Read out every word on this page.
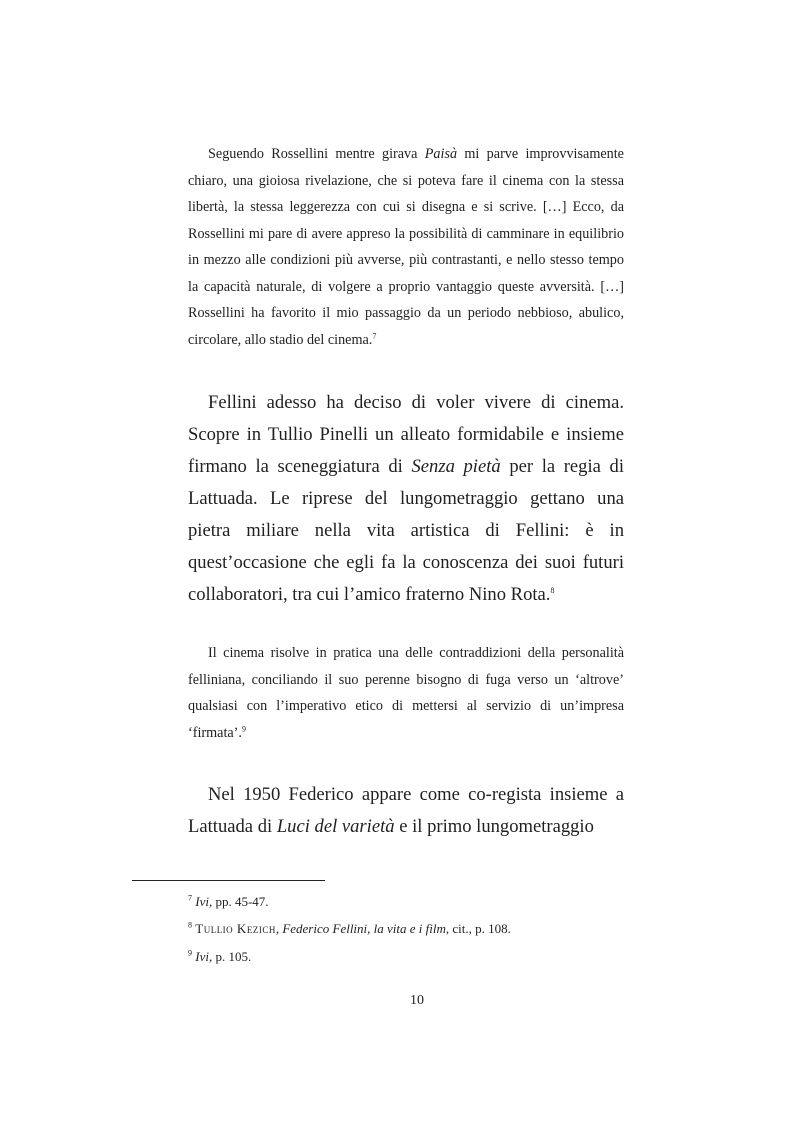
Seguendo Rossellini mentre girava Paisà mi parve improvvisamente chiaro, una gioiosa rivelazione, che si poteva fare il cinema con la stessa libertà, la stessa leggerezza con cui si disegna e si scrive. […] Ecco, da Rossellini mi pare di avere appreso la possibilità di camminare in equilibrio in mezzo alle condizioni più avverse, più contrastanti, e nello stesso tempo la capacità naturale, di volgere a proprio vantaggio queste avversità. […] Rossellini ha favorito il mio passaggio da un periodo nebbioso, abulico, circolare, allo stadio del cinema.$^7$

Fellini adesso ha deciso di voler vivere di cinema. Scopre in Tullio Pinelli un alleato formidabile e insieme firmano la sceneggiatura di Senza pietà per la regia di Lattuada. Le riprese del lungometraggio gettano una pietra miliare nella vita artistica di Fellini: è in quest’occasione che egli fa la conoscenza dei suoi futuri collaboratori, tra cui l’amico fraterno Nino Rota.$^8$

Il cinema risolve in pratica una delle contraddizioni della personalità felliniana, conciliando il suo perenne bisogno di fuga verso un ‘altrove’ qualsiasi con l’imperativo etico di mettersi al servizio di un’impresa ‘firmata’.$^9$

Nel 1950 Federico appare come co-regista insieme a Lattuada di Luci del varietà e il primo lungometraggio

$^7$ Ivi, pp. 45-47.

$^8$ Tullio Kezich, Federico Fellini, la vita e i film, cit., p. 108.

$^9$ Ivi, p. 105.

10
